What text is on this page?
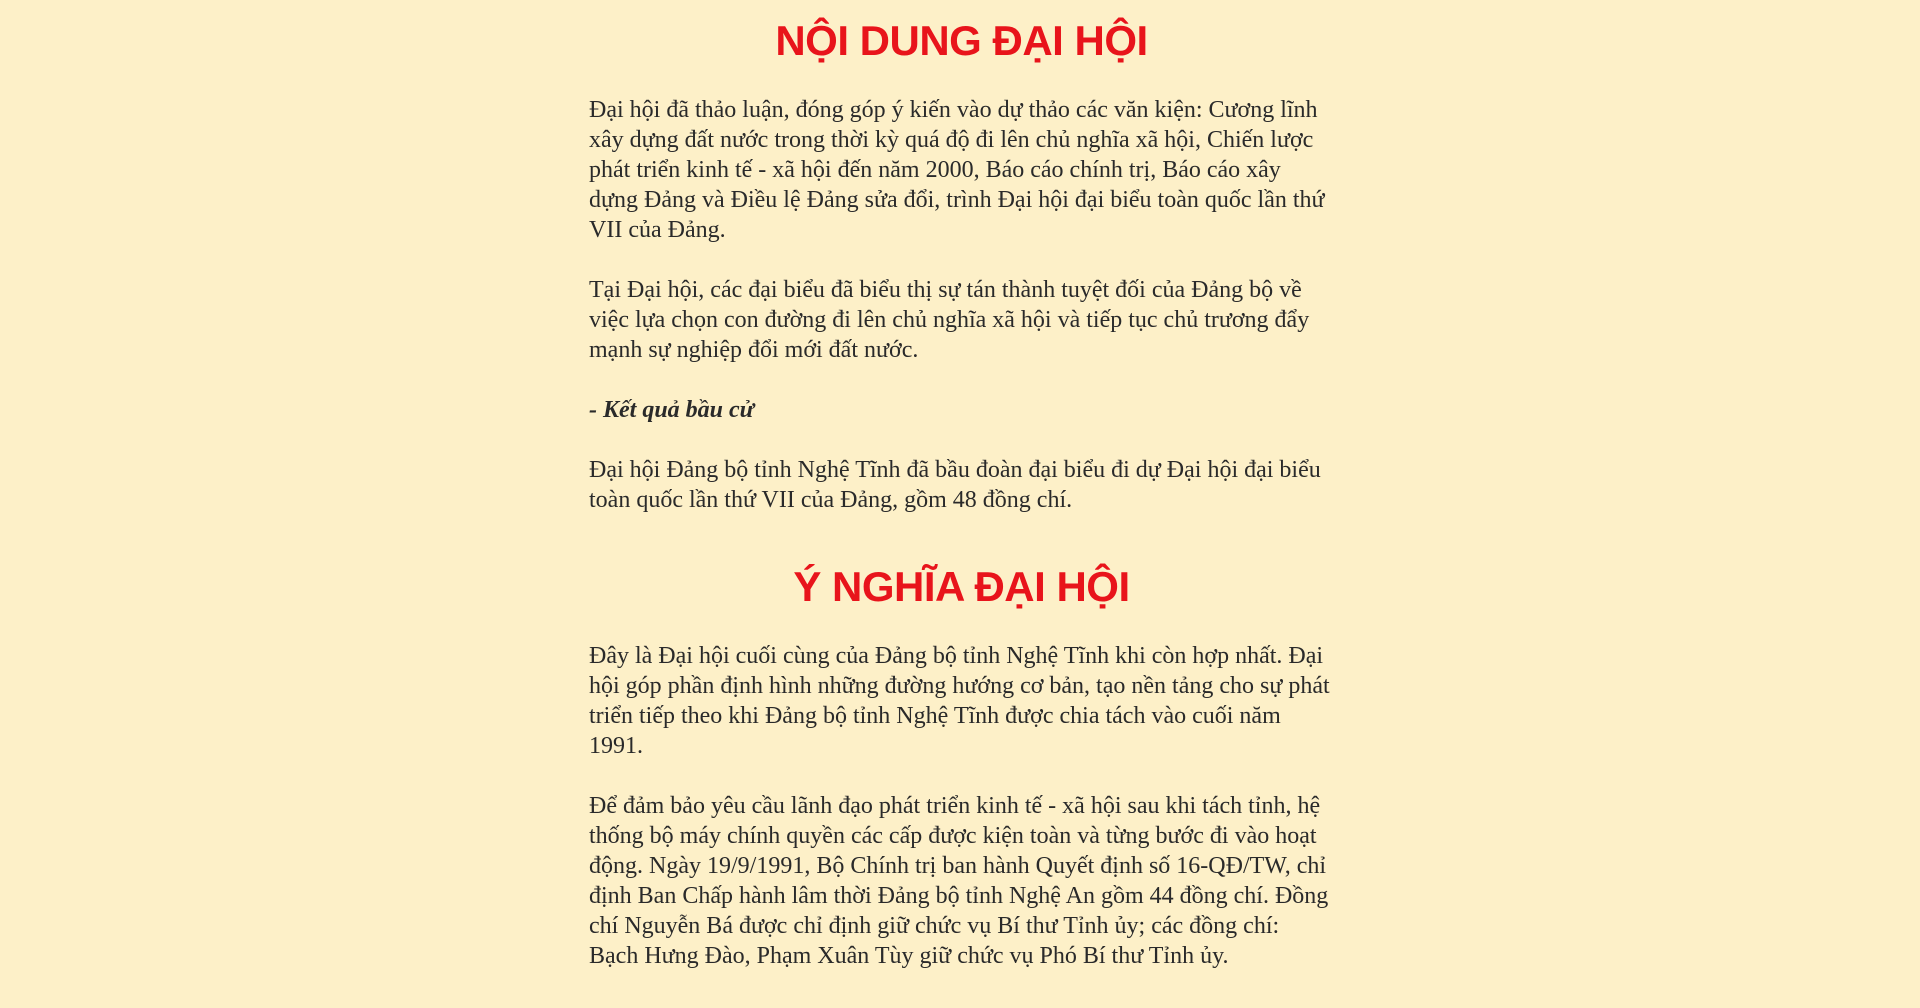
NỘI DUNG ĐẠI HỘI

Đại hội đã thảo luận, đóng góp ý kiến vào dự thảo các văn kiện: Cương lĩnh xây dựng đất nước trong thời kỳ quá độ đi lên chủ nghĩa xã hội, Chiến lược phát triển kinh tế - xã hội đến năm 2000, Báo cáo chính trị, Báo cáo xây dựng Đảng và Điều lệ Đảng sửa đổi, trình Đại hội đại biểu toàn quốc lần thứ VII của Đảng.

Tại Đại hội, các đại biểu đã biểu thị sự tán thành tuyệt đối của Đảng bộ về việc lựa chọn con đường đi lên chủ nghĩa xã hội và tiếp tục chủ trương đẩy mạnh sự nghiệp đổi mới đất nước.

- Kết quả bầu cử

Đại hội Đảng bộ tỉnh Nghệ Tĩnh đã bầu đoàn đại biểu đi dự Đại hội đại biểu toàn quốc lần thứ VII của Đảng, gồm 48 đồng chí.

Ý NGHĨA ĐẠI HỘI

Đây là Đại hội cuối cùng của Đảng bộ tỉnh Nghệ Tĩnh khi còn hợp nhất. Đại hội góp phần định hình những đường hướng cơ bản, tạo nền tảng cho sự phát triển tiếp theo khi Đảng bộ tỉnh Nghệ Tĩnh được chia tách vào cuối năm 1991.

Để đảm bảo yêu cầu lãnh đạo phát triển kinh tế - xã hội sau khi tách tỉnh, hệ thống bộ máy chính quyền các cấp được kiện toàn và từng bước đi vào hoạt động. Ngày 19/9/1991, Bộ Chính trị ban hành Quyết định số 16-QĐ/TW, chỉ định Ban Chấp hành lâm thời Đảng bộ tỉnh Nghệ An gồm 44 đồng chí. Đồng chí Nguyễn Bá được chỉ định giữ chức vụ Bí thư Tỉnh ủy; các đồng chí: Bạch Hưng Đào, Phạm Xuân Tùy giữ chức vụ Phó Bí thư Tỉnh ủy.
